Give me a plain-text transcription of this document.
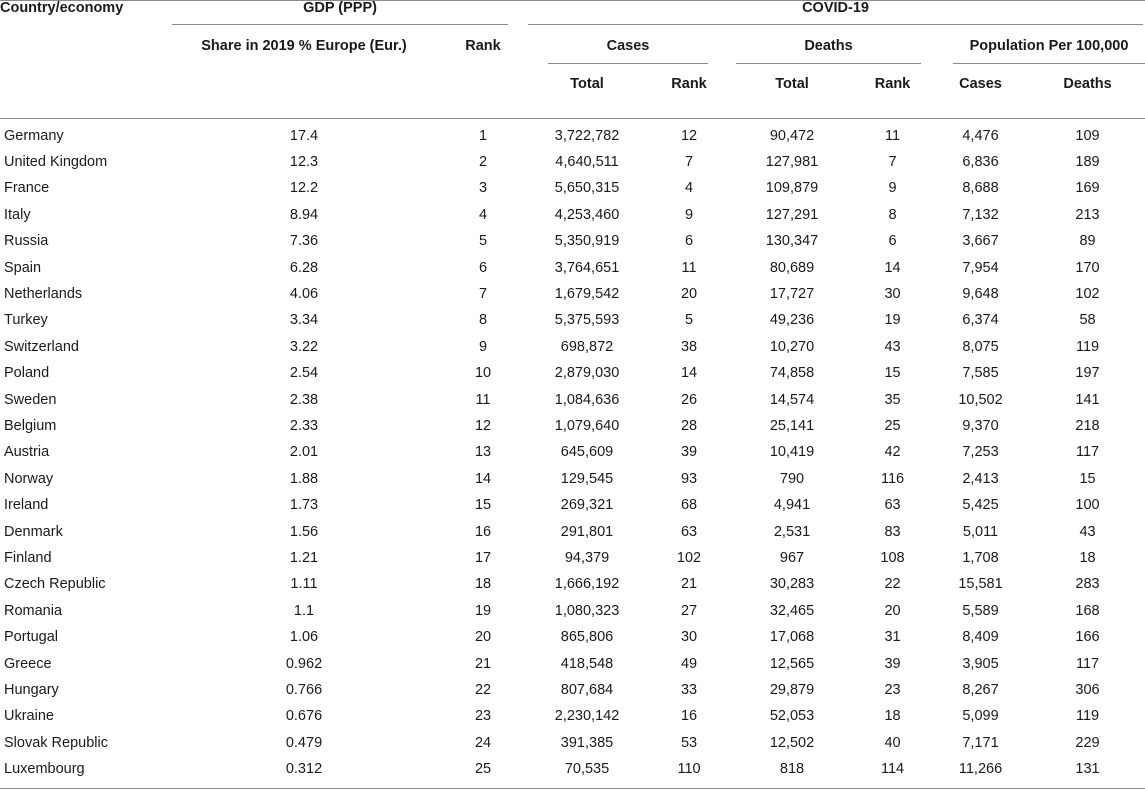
Country/economy	GDP (PPP)		COVID-19					

	Share in 2019 % Europe (Eur.)	Rank	Cases		Deaths		Population Per 100,000	

			Total	Rank	Total	Rank	Cases	Deaths
Germany	17.4	1	3,722,782	12	90,472	11	4,476	109
United Kingdom	12.3	2	4,640,511	7	127,981	7	6,836	189
France	12.2	3	5,650,315	4	109,879	9	8,688	169
Italy	8.94	4	4,253,460	9	127,291	8	7,132	213
Russia	7.36	5	5,350,919	6	130,347	6	3,667	89
Spain	6.28	6	3,764,651	11	80,689	14	7,954	170
Netherlands	4.06	7	1,679,542	20	17,727	30	9,648	102
Turkey	3.34	8	5,375,593	5	49,236	19	6,374	58
Switzerland	3.22	9	698,872	38	10,270	43	8,075	119
Poland	2.54	10	2,879,030	14	74,858	15	7,585	197
Sweden	2.38	11	1,084,636	26	14,574	35	10,502	141
Belgium	2.33	12	1,079,640	28	25,141	25	9,370	218
Austria	2.01	13	645,609	39	10,419	42	7,253	117
Norway	1.88	14	129,545	93	790	116	2,413	15
Ireland	1.73	15	269,321	68	4,941	63	5,425	100
Denmark	1.56	16	291,801	63	2,531	83	5,011	43
Finland	1.21	17	94,379	102	967	108	1,708	18
Czech Republic	1.11	18	1,666,192	21	30,283	22	15,581	283
Romania	1.1	19	1,080,323	27	32,465	20	5,589	168
Portugal	1.06	20	865,806	30	17,068	31	8,409	166
Greece	0.962	21	418,548	49	12,565	39	3,905	117
Hungary	0.766	22	807,684	33	29,879	23	8,267	306
Ukraine	0.676	23	2,230,142	16	52,053	18	5,099	119
Slovak Republic	0.479	24	391,385	53	12,502	40	7,171	229
Luxembourg	0.312	25	70,535	110	818	114	11,266	131
